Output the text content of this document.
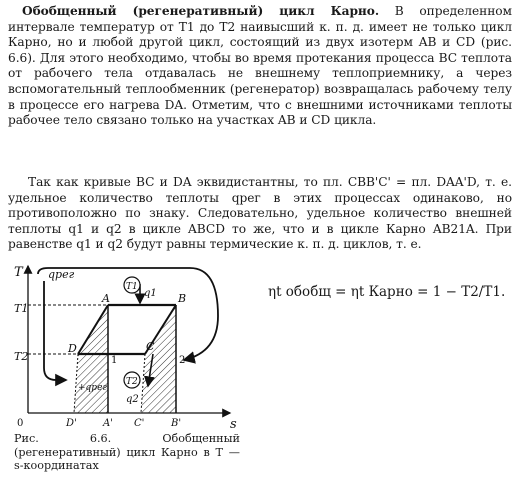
Обобщенный (регенеративный) цикл Карно. В определенном интервале температур от T1 до T2 наивысший к. п. д. имеет не только цикл Карно, но и любой другой цикл, состоящий из двух изотерм AB и CD (рис. 6.6). Для этого необходимо, чтобы во время протекания процесса BC теплота от рабочего тела отдавалась не внешнему теплоприемнику, а через вспомогательный теплообменник (регенератор) возвращалась рабочему телу в процессе его нагрева DA. Отметим, что с внешними источниками теплоты рабочее тело связано только на участках AB и CD цикла.

Так как кривые BC и DA эквидистантны, то пл. CBB'C' = пл. DAA'D, т. е. удельное количество теплоты qрег в этих процессах одинаково, но противоположно по знаку. Следовательно, удельное количество внешней теплоты q1 и q2 в цикле ABCD то же, что и в цикле Карно AB21A. При равенстве q1 и q2 будут равны термические к. п. д. циклов, т. е.

T
s
qрег
T1
T2
T1
T2
q1
q2
A	B
C
D
1	2
+qрег
D'	A' C'	B'
0

Рис. 6.6. Обобщенный (регенеративный) цикл Карно в T — s-координатах

ηt обобщ = ηt Карно = 1 − T2/T1.
